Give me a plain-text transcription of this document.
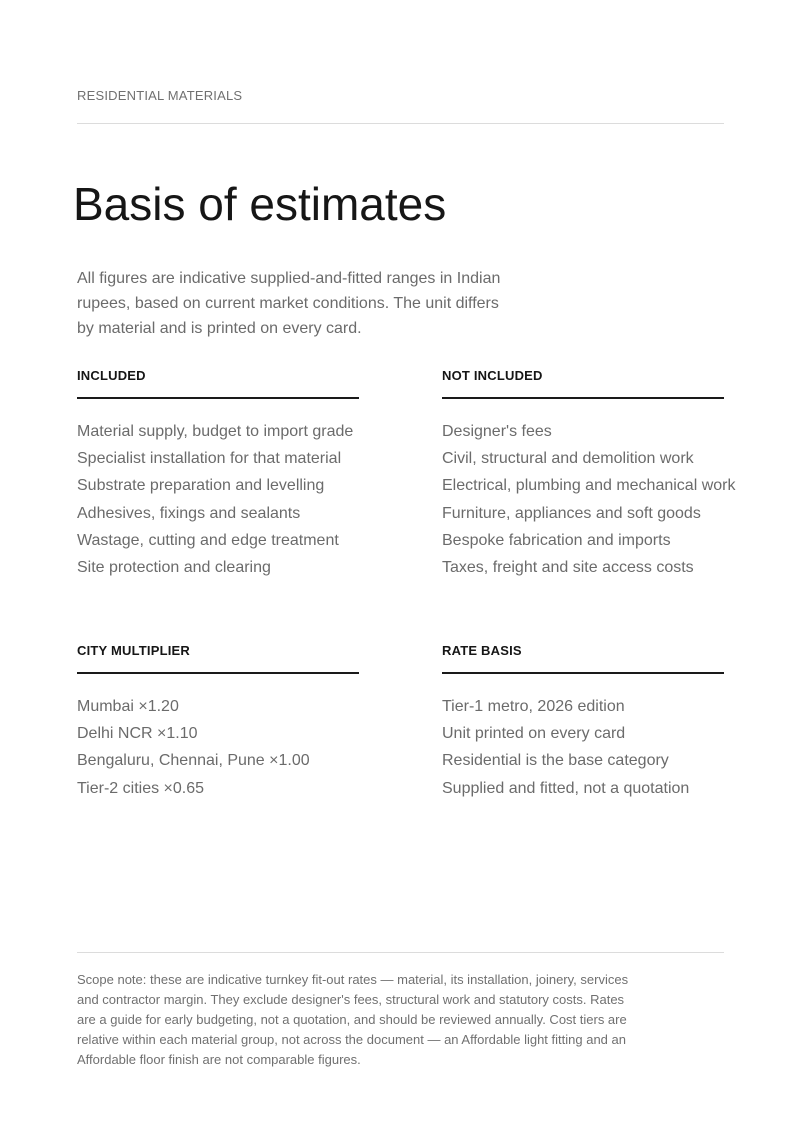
RESIDENTIAL MATERIALS
Basis of estimates

All figures are indicative supplied-and-fitted ranges in Indian rupees, based on current market conditions. The unit differs by material and is printed on every card.

INCLUDED
Material supply, budget to import grade
Specialist installation for that material
Substrate preparation and levelling
Adhesives, fixings and sealants
Wastage, cutting and edge treatment
Site protection and clearing
NOT INCLUDED
Designer's fees
Civil, structural and demolition work
Electrical, plumbing and mechanical work
Furniture, appliances and soft goods
Bespoke fabrication and imports
Taxes, freight and site access costs
CITY MULTIPLIER
Mumbai ×1.20
Delhi NCR ×1.10
Bengaluru, Chennai, Pune ×1.00
Tier-2 cities ×0.65
RATE BASIS
Tier-1 metro, 2026 edition
Unit printed on every card
Residential is the base category
Supplied and fitted, not a quotation

Scope note: these are indicative turnkey fit-out rates — material, its installation, joinery, services and contractor margin. They exclude designer's fees, structural work and statutory costs. Rates are a guide for early budgeting, not a quotation, and should be reviewed annually. Cost tiers are relative within each material group, not across the document — an Affordable light fitting and an Affordable floor finish are not comparable figures.
